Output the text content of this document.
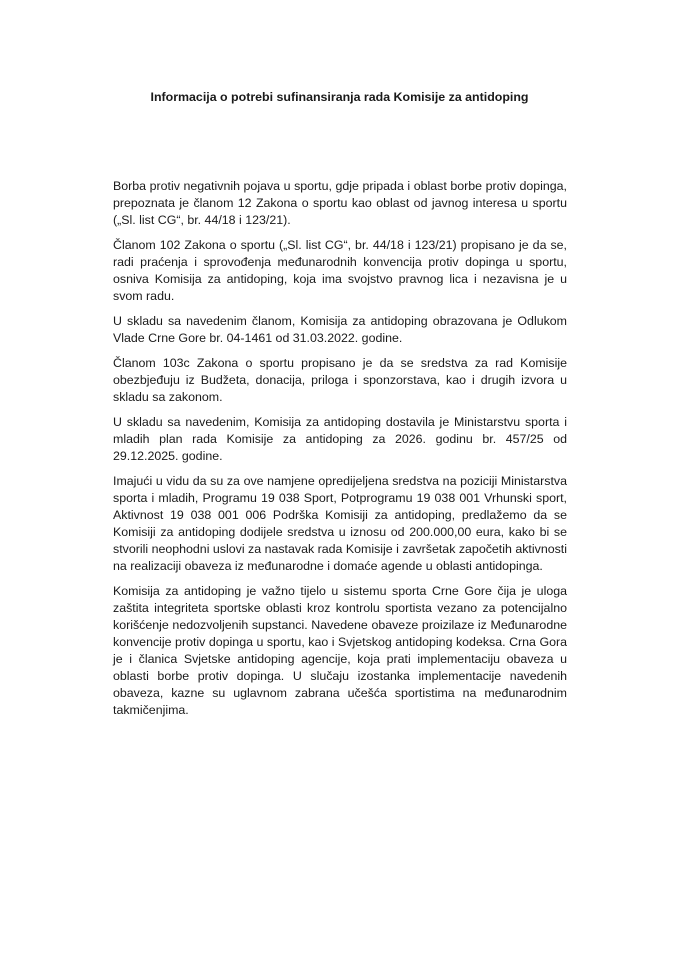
Informacija o potrebi sufinansiranja rada Komisije za antidoping

Borba protiv negativnih pojava u sportu, gdje pripada i oblast borbe protiv dopinga, prepoznata je članom 12 Zakona o sportu kao oblast od javnog interesa u sportu („Sl. list CG“, br. 44/18 i 123/21).

Članom 102 Zakona o sportu („Sl. list CG“, br. 44/18 i 123/21) propisano je da se, radi praćenja i sprovođenja međunarodnih konvencija protiv dopinga u sportu, osniva Komisija za antidoping, koja ima svojstvo pravnog lica i nezavisna je u svom radu.

U skladu sa navedenim članom, Komisija za antidoping obrazovana je Odlukom Vlade Crne Gore br. 04-1461 od 31.03.2022. godine.

Članom 103c Zakona o sportu propisano je da se sredstva za rad Komisije obezbjeđuju iz Budžeta, donacija, priloga i sponzorstava, kao i drugih izvora u skladu sa zakonom.

U skladu sa navedenim, Komisija za antidoping dostavila je Ministarstvu sporta i mladih plan rada Komisije za antidoping za 2026. godinu br. 457/25 od 29.12.2025. godine.

Imajući u vidu da su za ove namjene opredijeljena sredstva na poziciji Ministarstva sporta i mladih, Programu 19 038 Sport, Potprogramu 19 038 001 Vrhunski sport, Aktivnost 19 038 001 006 Podrška Komisiji za antidoping, predlažemo da se Komisiji za antidoping dodijele sredstva u iznosu od 200.000,00 eura, kako bi se stvorili neophodni uslovi za nastavak rada Komisije i završetak započetih aktivnosti na realizaciji obaveza iz međunarodne i domaće agende u oblasti antidopinga.

Komisija za antidoping je važno tijelo u sistemu sporta Crne Gore čija je uloga zaštita integriteta sportske oblasti kroz kontrolu sportista vezano za potencijalno korišćenje nedozvoljenih supstanci. Navedene obaveze proizilaze iz Međunarodne konvencije protiv dopinga u sportu, kao i Svjetskog antidoping kodeksa. Crna Gora je i članica Svjetske antidoping agencije, koja prati implementaciju obaveza u oblasti borbe protiv dopinga. U slučaju izostanka implementacije navedenih obaveza, kazne su uglavnom zabrana učešća sportistima na međunarodnim takmičenjima.
